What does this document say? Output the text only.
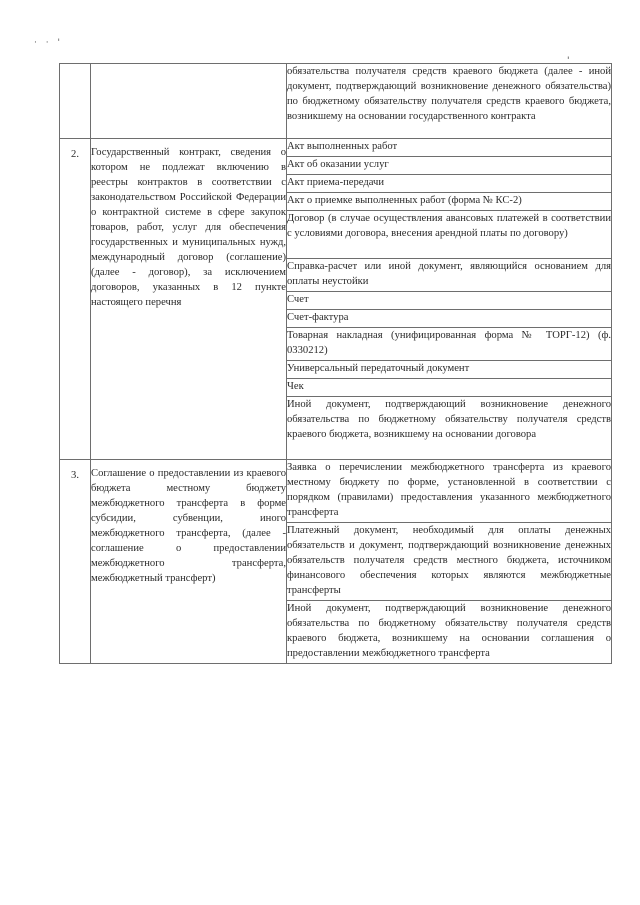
· · '
'
		обязательства получателя средств краевого бюджета (далее - иной документ, подтверждающий возникновение денежного обязательства) по бюджетному обязательству получателя средств краевого бюджета, возникшему на основании государственного контракта

2.	Государственный контракт, сведения о котором не подлежат включению в реестры контрактов в соответствии с законодательством Российской Федерации о контрактной системе в сфере закупок товаров, работ, услуг для обеспечения государственных и муниципальных нужд, международный договор (соглашение) (далее - договор), за исключением договоров, указанных в 12 пункте настоящего перечня	Акт выполненных работ
		Акт об оказании услуг
		Акт приема-передачи
		Акт о приемке выполненных работ (форма № КС-2)
		Договор (в случае осуществления авансовых платежей в соответствии с условиями договора, внесения арендной платы по договору)
		Справка-расчет или иной документ, являющийся основанием для оплаты неустойки
		Счет
		Счет-фактура
		Товарная накладная (унифицированная форма № ТОРГ-12) (ф. 0330212)
		Универсальный передаточный документ
		Чек
		Иной документ, подтверждающий возникновение денежного обязательства по бюджетному обязательству получателя средств краевого бюджета, возникшему на основании договора

3.	Соглашение о предоставлении из краевого бюджета местному бюджету межбюджетного трансферта в форме субсидии, субвенции, иного межбюджетного трансферта, (далее - соглашение о предоставлении межбюджетного трансферта, межбюджетный трансферт)	Заявка о перечислении межбюджетного трансферта из краевого местному бюджету по форме, установленной в соответствии с порядком (правилами) предоставления указанного межбюджетного трансферта
		Платежный документ, необходимый для оплаты денежных обязательств и документ, подтверждающий возникновение денежных обязательств получателя средств местного бюджета, источником финансового обеспечения которых являются межбюджетные трансферты
		Иной документ, подтверждающий возникновение денежного обязательства по бюджетному обязательству получателя средств краевого бюджета, возникшему на основании соглашения о предоставлении межбюджетного трансферта
